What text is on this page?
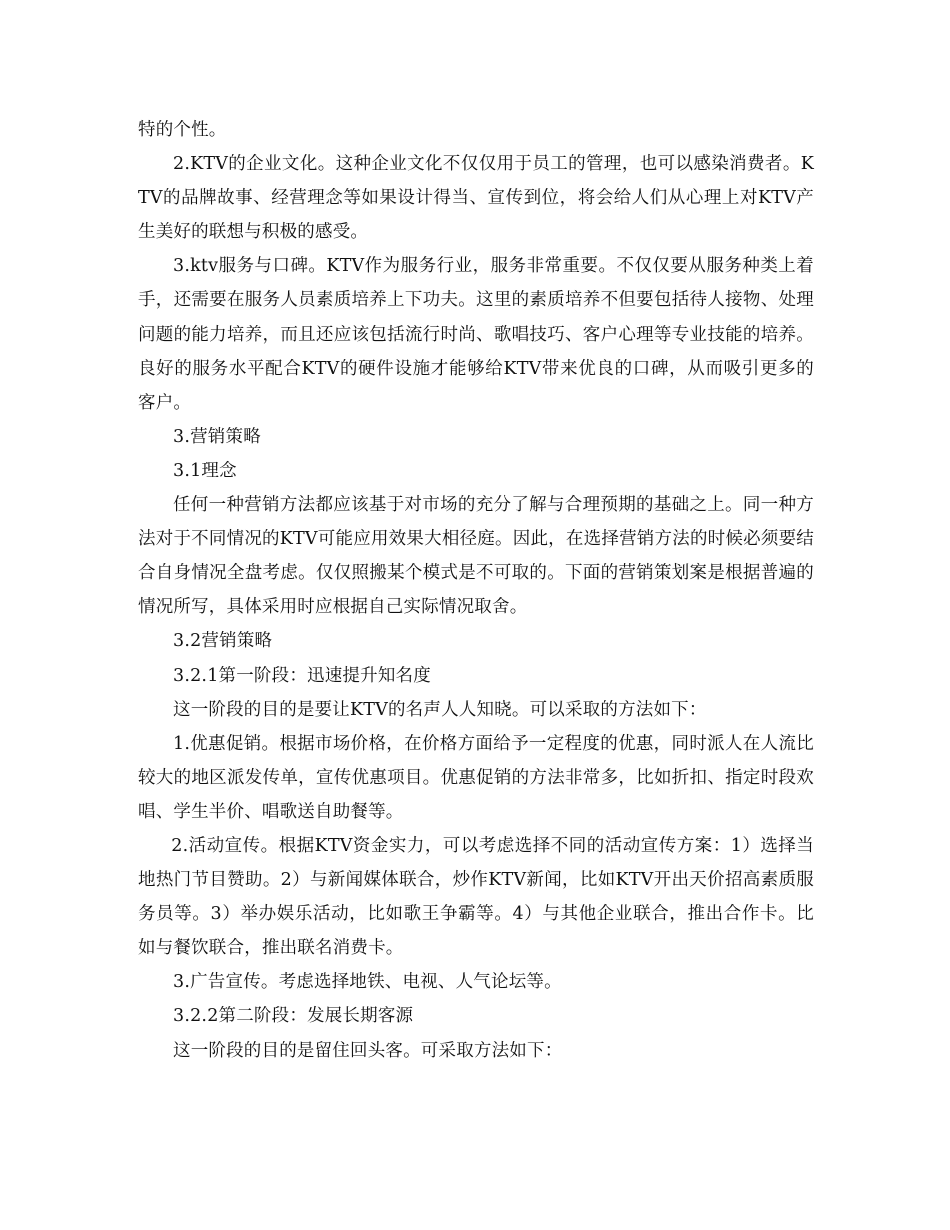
特的个性。

2.KTV的企业文化。这种企业文化不仅仅用于员工的管理，也可以感染消费者。KTV的品牌故事、经营理念等如果设计得当、宣传到位，将会给人们从心理上对KTV产生美好的联想与积极的感受。

3.ktv服务与口碑。KTV作为服务行业，服务非常重要。不仅仅要从服务种类上着手，还需要在服务人员素质培养上下功夫。这里的素质培养不但要包括待人接物、处理问题的能力培养，而且还应该包括流行时尚、歌唱技巧、客户心理等专业技能的培养。良好的服务水平配合KTV的硬件设施才能够给KTV带来优良的口碑，从而吸引更多的客户。

3.营销策略

3.1理念

任何一种营销方法都应该基于对市场的充分了解与合理预期的基础之上。同一种方法对于不同情况的KTV可能应用效果大相径庭。因此，在选择营销方法的时候必须要结合自身情况全盘考虑。仅仅照搬某个模式是不可取的。下面的营销策划案是根据普遍的情况所写，具体采用时应根据自己实际情况取舍。

3.2营销策略

3.2.1第一阶段：迅速提升知名度

这一阶段的目的是要让KTV的名声人人知晓。可以采取的方法如下：

1.优惠促销。根据市场价格，在价格方面给予一定程度的优惠，同时派人在人流比较大的地区派发传单，宣传优惠项目。优惠促销的方法非常多，比如折扣、指定时段欢唱、学生半价、唱歌送自助餐等。

2.活动宣传。根据KTV资金实力，可以考虑选择不同的活动宣传方案：1）选择当地热门节目赞助。2）与新闻媒体联合，炒作KTV新闻，比如KTV开出天价招高素质服务员等。3）举办娱乐活动，比如歌王争霸等。4）与其他企业联合，推出合作卡。比如与餐饮联合，推出联名消费卡。

3.广告宣传。考虑选择地铁、电视、人气论坛等。

3.2.2第二阶段：发展长期客源

这一阶段的目的是留住回头客。可采取方法如下：
